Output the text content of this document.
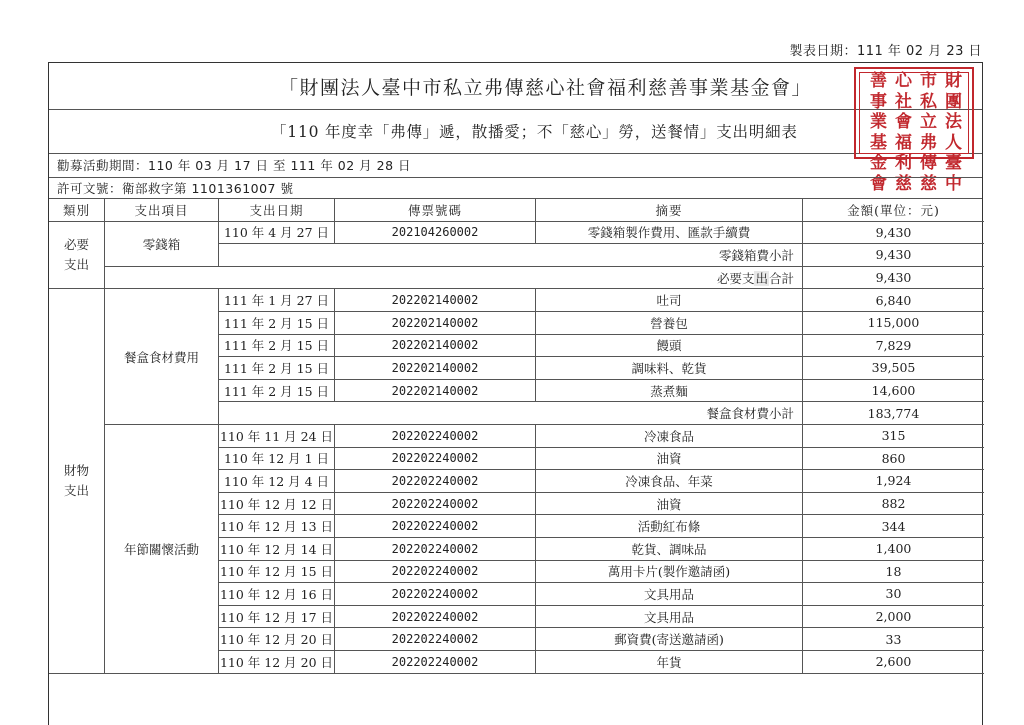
製表日期：111 年 02 月 23 日
「財團法人臺中市私立弗傳慈心社會福利慈善事業基金會」
「110 年度幸「弗傳」遞，散播愛；不「慈心」勞，送餐情」支出明細表
財團法人臺中
市私立弗傳慈
心社會福利慈
善事業基金會
勸募活動期間：110 年 03 月 17 日 至 111 年 02 月 28 日
許可文號：衛部救字第 1101361007 號
類別	支出項目	支出日期	傳票號碼	摘要	金額(單位：元)
必要
支出
零錢箱
110 年 4 月 27 日	202104260002	零錢箱製作費用、匯款手續費	9,430
零錢箱費小計	9,430
必要支出合計	9,430
財物
支出
餐盒食材費用
111 年 1 月 27 日	202202140002	吐司	6,840
111 年 2 月 15 日	202202140002	營養包	115,000
111 年 2 月 15 日	202202140002	饅頭	7,829
111 年 2 月 15 日	202202140002	調味料、乾貨	39,505
111 年 2 月 15 日	202202140002	蒸煮麵	14,600
餐盒食材費小計	183,774
年節關懷活動
110 年 11 月 24 日	202202240002	冷凍食品	315
110 年 12 月 1 日	202202240002	油資	860
110 年 12 月 4 日	202202240002	冷凍食品、年菜	1,924
110 年 12 月 12 日	202202240002	油資	882
110 年 12 月 13 日	202202240002	活動紅布條	344
110 年 12 月 14 日	202202240002	乾貨、調味品	1,400
110 年 12 月 15 日	202202240002	萬用卡片(製作邀請函)	18
110 年 12 月 16 日	202202240002	文具用品	30
110 年 12 月 17 日	202202240002	文具用品	2,000
110 年 12 月 20 日	202202240002	郵資費(寄送邀請函)	33
110 年 12 月 20 日	202202240002	年貨	2,600
